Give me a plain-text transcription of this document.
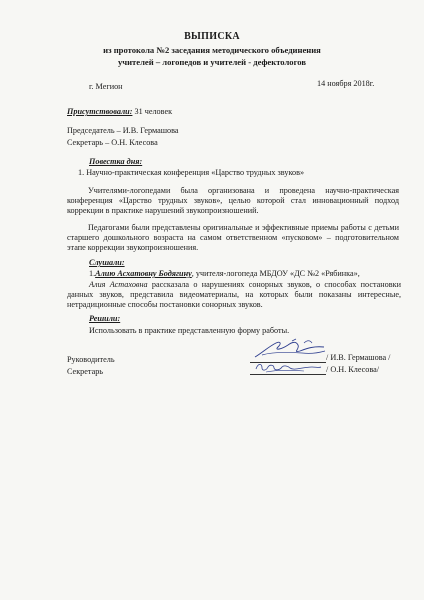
ВЫПИСКА
из протокола №2 заседания методического объединения
учителей – логопедов и учителей - дефектологов
г. Мегион	14 ноября 2018г.
Присутствовали: 31 человек
Председатель – И.В. Гермашова
Секретарь – О.Н. Клесова
Повестка дня:
1. Научно-практическая конференция «Царство трудных звуков»
Учителями-логопедами была организована и проведена научно-практическая конференция «Царство трудных звуков», целью которой стал инновационный подход коррекции в практике нарушений звукопроизношений.
Педагогами были представлены оригинальные и эффективные приемы работы с детьми старшего дошкольного возраста на самом ответственном «пусковом» – подготовительном этапе коррекции звукопроизношения.
Слушали:
1.Алию Асхатовну Бодягину, учителя-логопеда МБДОУ «ДС №2 «Рябинка»,
Алия Астаховна рассказала о нарушениях сонорных звуков, о способах постановки данных звуков, представила видеоматериалы, на которых были показаны интересные, нетрадиционные способы постановки сонорных звуков.
Решили:
Использовать в практике представленную форму работы.
Руководитель
Секретарь
/ И.В. Гермашова /
/ О.Н. Клесова/
